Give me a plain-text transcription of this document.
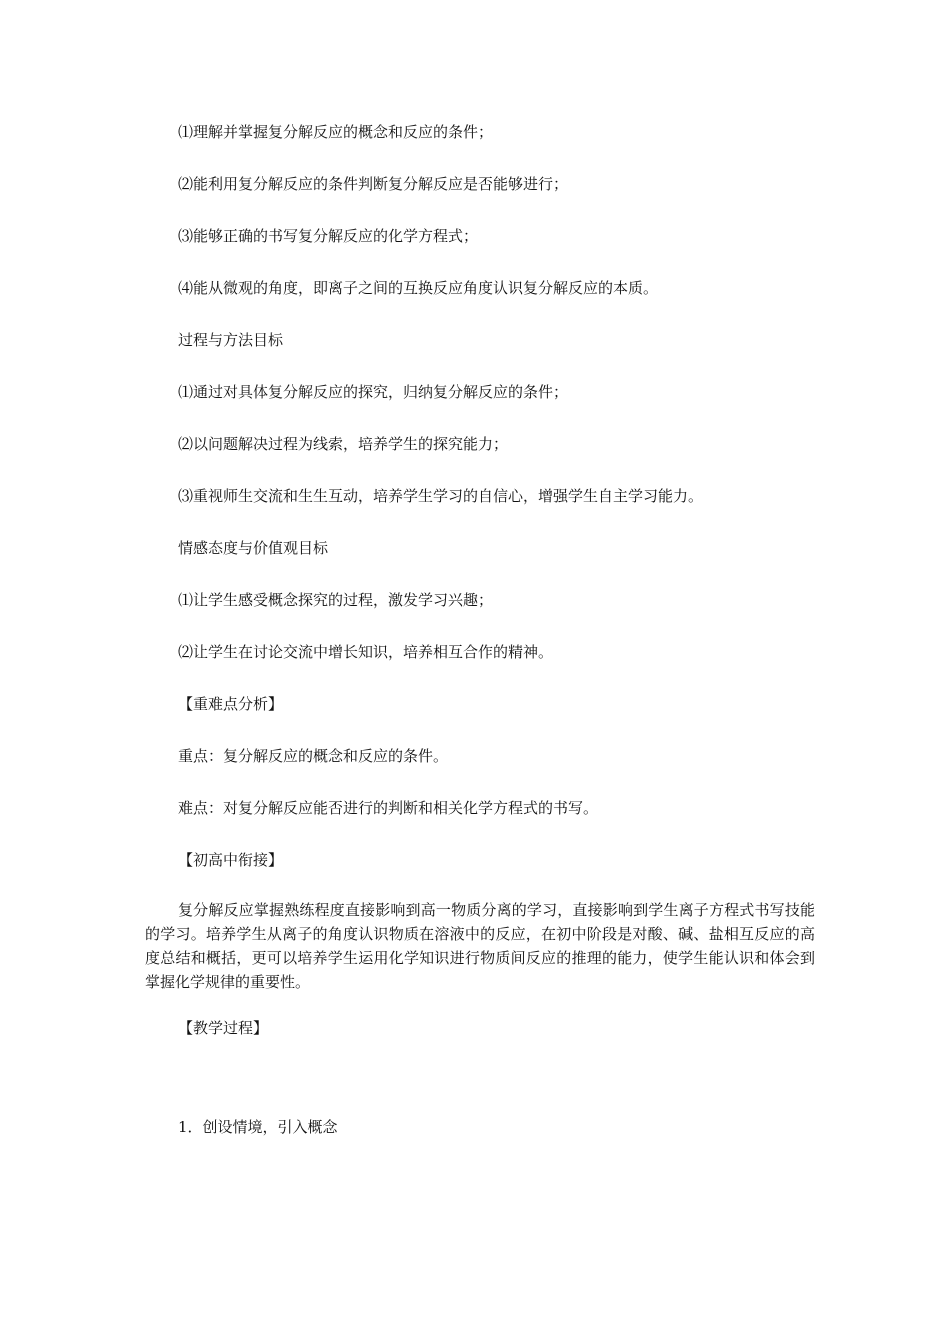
⑴理解并掌握复分解反应的概念和反应的条件；
⑵能利用复分解反应的条件判断复分解反应是否能够进行；
⑶能够正确的书写复分解反应的化学方程式；
⑷能从微观的角度，即离子之间的互换反应角度认识复分解反应的本质。
过程与方法目标
⑴通过对具体复分解反应的探究，归纳复分解反应的条件；
⑵以问题解决过程为线索，培养学生的探究能力；
⑶重视师生交流和生生互动，培养学生学习的自信心，增强学生自主学习能力。
情感态度与价值观目标
⑴让学生感受概念探究的过程，激发学习兴趣；
⑵让学生在讨论交流中增长知识，培养相互合作的精神。
【重难点分析】
重点：复分解反应的概念和反应的条件。
难点：对复分解反应能否进行的判断和相关化学方程式的书写。
【初高中衔接】
复分解反应掌握熟练程度直接影响到高一物质分离的学习，直接影响到学生离子方程式书写技能的学习。培养学生从离子的角度认识物质在溶液中的反应，在初中阶段是对酸、碱、盐相互反应的高度总结和概括，更可以培养学生运用化学知识进行物质间反应的推理的能力，使学生能认识和体会到掌握化学规律的重要性。
【教学过程】
1．创设情境，引入概念
